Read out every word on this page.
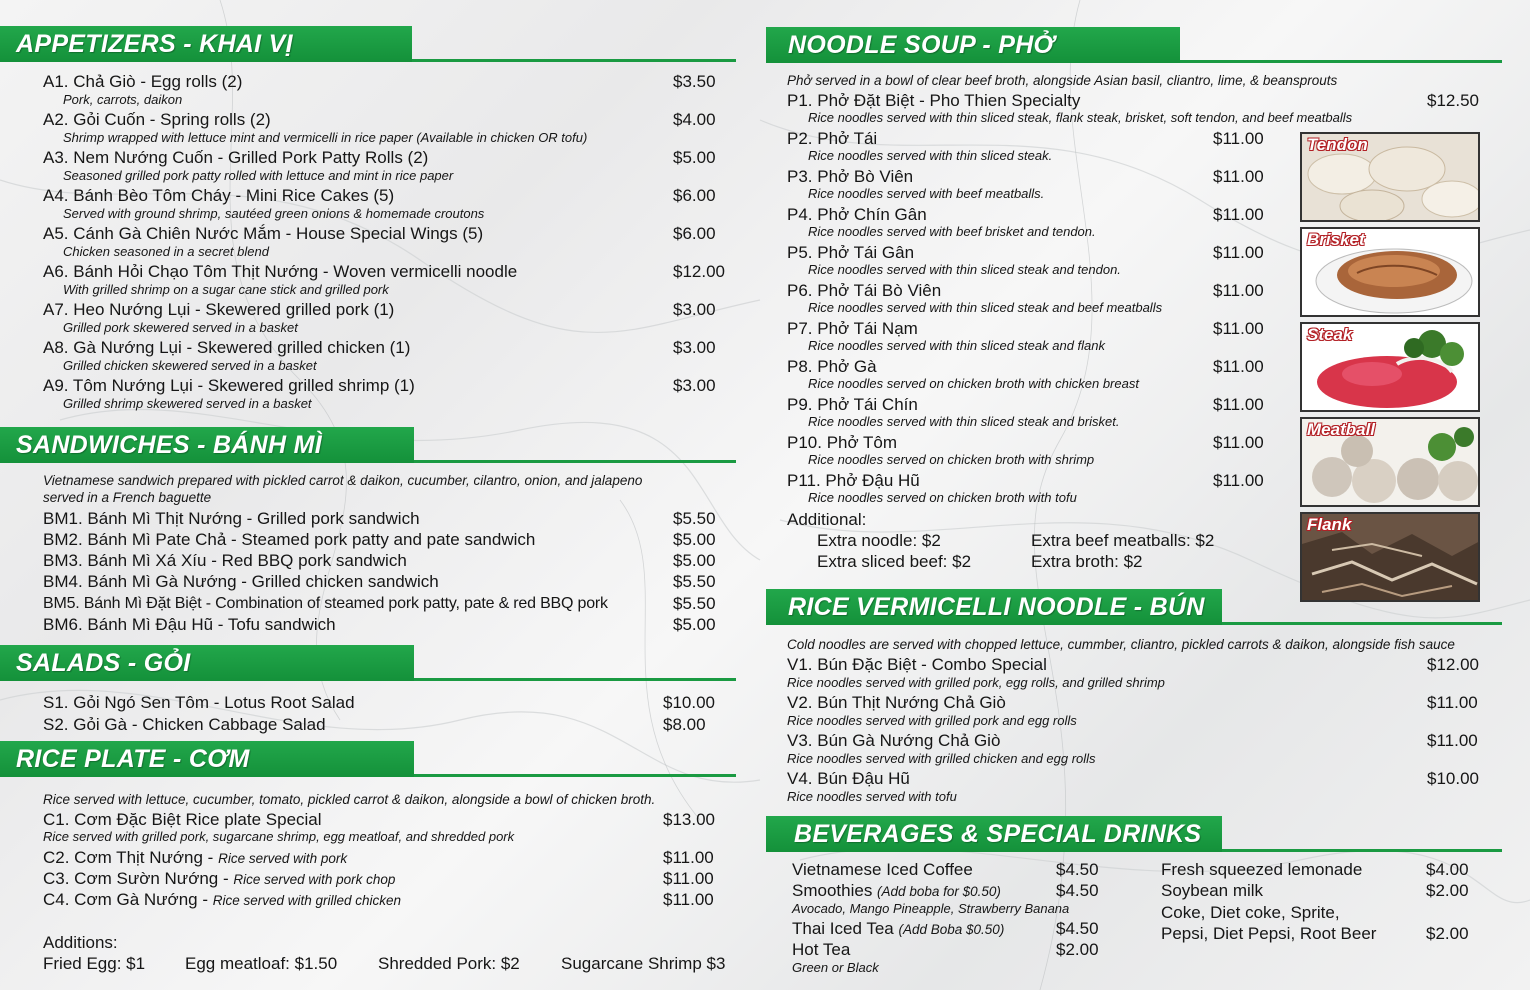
APPETIZERS - KHAI VỊ
A1. Chả Giò - Egg rolls (2)	$3.50
Pork, carrots, daikon
A2. Gỏi Cuốn - Spring rolls (2)	$4.00
Shrimp wrapped with lettuce mint and vermicelli in rice paper (Available in chicken OR tofu)
A3. Nem Nướng Cuốn - Grilled Pork Patty Rolls (2)	$5.00
Seasoned grilled pork patty rolled with lettuce and mint in rice paper
A4. Bánh Bèo Tôm Cháy - Mini Rice Cakes (5)	$6.00
Served with ground shrimp, sautéed green onions & homemade croutons
A5. Cánh Gà Chiên Nước Mắm - House Special Wings (5)	$6.00
Chicken seasoned in a secret blend
A6. Bánh Hỏi Chạo Tôm Thịt Nướng - Woven vermicelli noodle	$12.00
With grilled shrimp on a sugar cane stick and grilled pork
A7. Heo Nướng Lụi - Skewered grilled pork (1)	$3.00
Grilled pork skewered served in a basket
A8. Gà Nướng Lụi - Skewered grilled chicken (1)	$3.00
Grilled chicken skewered served in a basket
A9. Tôm Nướng Lụi - Skewered grilled shrimp (1)	$3.00
Grilled shrimp skewered served in a basket
SANDWICHES - BÁNH MÌ
Vietnamese sandwich prepared with pickled carrot & daikon, cucumber, cilantro, onion, and jalapeno
served in a French baguette
BM1. Bánh Mì Thịt Nướng - Grilled pork sandwich	$5.50
BM2. Bánh Mì Pate Chả - Steamed pork patty and pate sandwich	$5.00
BM3. Bánh Mì Xá Xíu - Red BBQ pork sandwich	$5.00
BM4. Bánh Mì Gà Nướng - Grilled chicken sandwich	$5.50
BM5. Bánh Mì Đặt Biệt - Combination of steamed pork patty, pate & red BBQ pork	$5.50
BM6. Bánh Mì Đậu Hũ - Tofu sandwich	$5.00
SALADS - GỎI
S1. Gỏi Ngó Sen Tôm - Lotus Root Salad	$10.00
S2. Gỏi Gà - Chicken Cabbage Salad	$8.00
RICE PLATE - CƠM
Rice served with lettuce, cucumber, tomato, pickled carrot & daikon, alongside a bowl of chicken broth.
C1. Cơm Đặc Biệt Rice plate Special	$13.00
Rice served with grilled pork, sugarcane shrimp, egg meatloaf, and shredded pork
C2. Cơm Thịt Nướng - Rice served with pork	$11.00
C3. Cơm Sườn Nướng - Rice served with pork chop	$11.00
C4. Cơm Gà Nướng - Rice served with grilled chicken	$11.00
Additions:
Fried Egg: $1 Egg meatloaf: $1.50 Shredded Pork: $2 Sugarcane Shrimp $3
NOODLE SOUP - PHỞ
Phở served in a bowl of clear beef broth, alongside Asian basil, cliantro, lime, & beansprouts
P1. Phở Đặt Biệt - Pho Thien Specialty	$12.50
Rice noodles served with thin sliced steak, flank steak, brisket, soft tendon, and beef meatballs
P2. Phở Tái	$11.00
Rice noodles served with thin sliced steak.
P3. Phở Bò Viên	$11.00
Rice noodles served with beef meatballs.
P4. Phở Chín Gân	$11.00
Rice noodles served with beef brisket and tendon.
P5. Phở Tái Gân	$11.00
Rice noodles served with thin sliced steak and tendon.
P6. Phở Tái Bò Viên	$11.00
Rice noodles served with thin sliced steak and beef meatballs
P7. Phở Tái Nạm	$11.00
Rice noodles served with thin sliced steak and flank
P8. Phở Gà	$11.00
Rice noodles served on chicken broth with chicken breast
P9. Phở Tái Chín	$11.00
Rice noodles served with thin sliced steak and brisket.
P10. Phở Tôm	$11.00
Rice noodles served on chicken broth with shrimp
P11. Phở Đậu Hũ	$11.00
Rice noodles served on chicken broth with tofu
Additional:
Extra noodle: $2	Extra beef meatballs: $2
Extra sliced beef: $2	Extra broth: $2
Tendon
Brisket
Steak
Meatball
Flank
RICE VERMICELLI NOODLE - BÚN
Cold noodles are served with chopped lettuce, cummber, cliantro, pickled carrots & daikon, alongside fish sauce
V1. Bún Đặc Biệt - Combo Special	$12.00
Rice noodles served with grilled pork, egg rolls, and grilled shrimp
V2. Bún Thịt Nướng Chả Giò	$11.00
Rice noodles served with grilled pork and egg rolls
V3. Bún Gà Nướng Chả Giò	$11.00
Rice noodles served with grilled chicken and egg rolls
V4. Bún Đậu Hũ	$10.00
Rice noodles served with tofu
BEVERAGES & SPECIAL DRINKS
Vietnamese Iced Coffee	$4.50
Smoothies (Add boba for $0.50)	$4.50
Avocado, Mango Pineapple, Strawberry Banana
Thai Iced Tea (Add Boba $0.50)	$4.50
Hot Tea	$2.00
Green or Black
Fresh squeezed lemonade	$4.00
Soybean milk	$2.00
Coke, Diet coke, Sprite,
Pepsi, Diet Pepsi, Root Beer	$2.00
